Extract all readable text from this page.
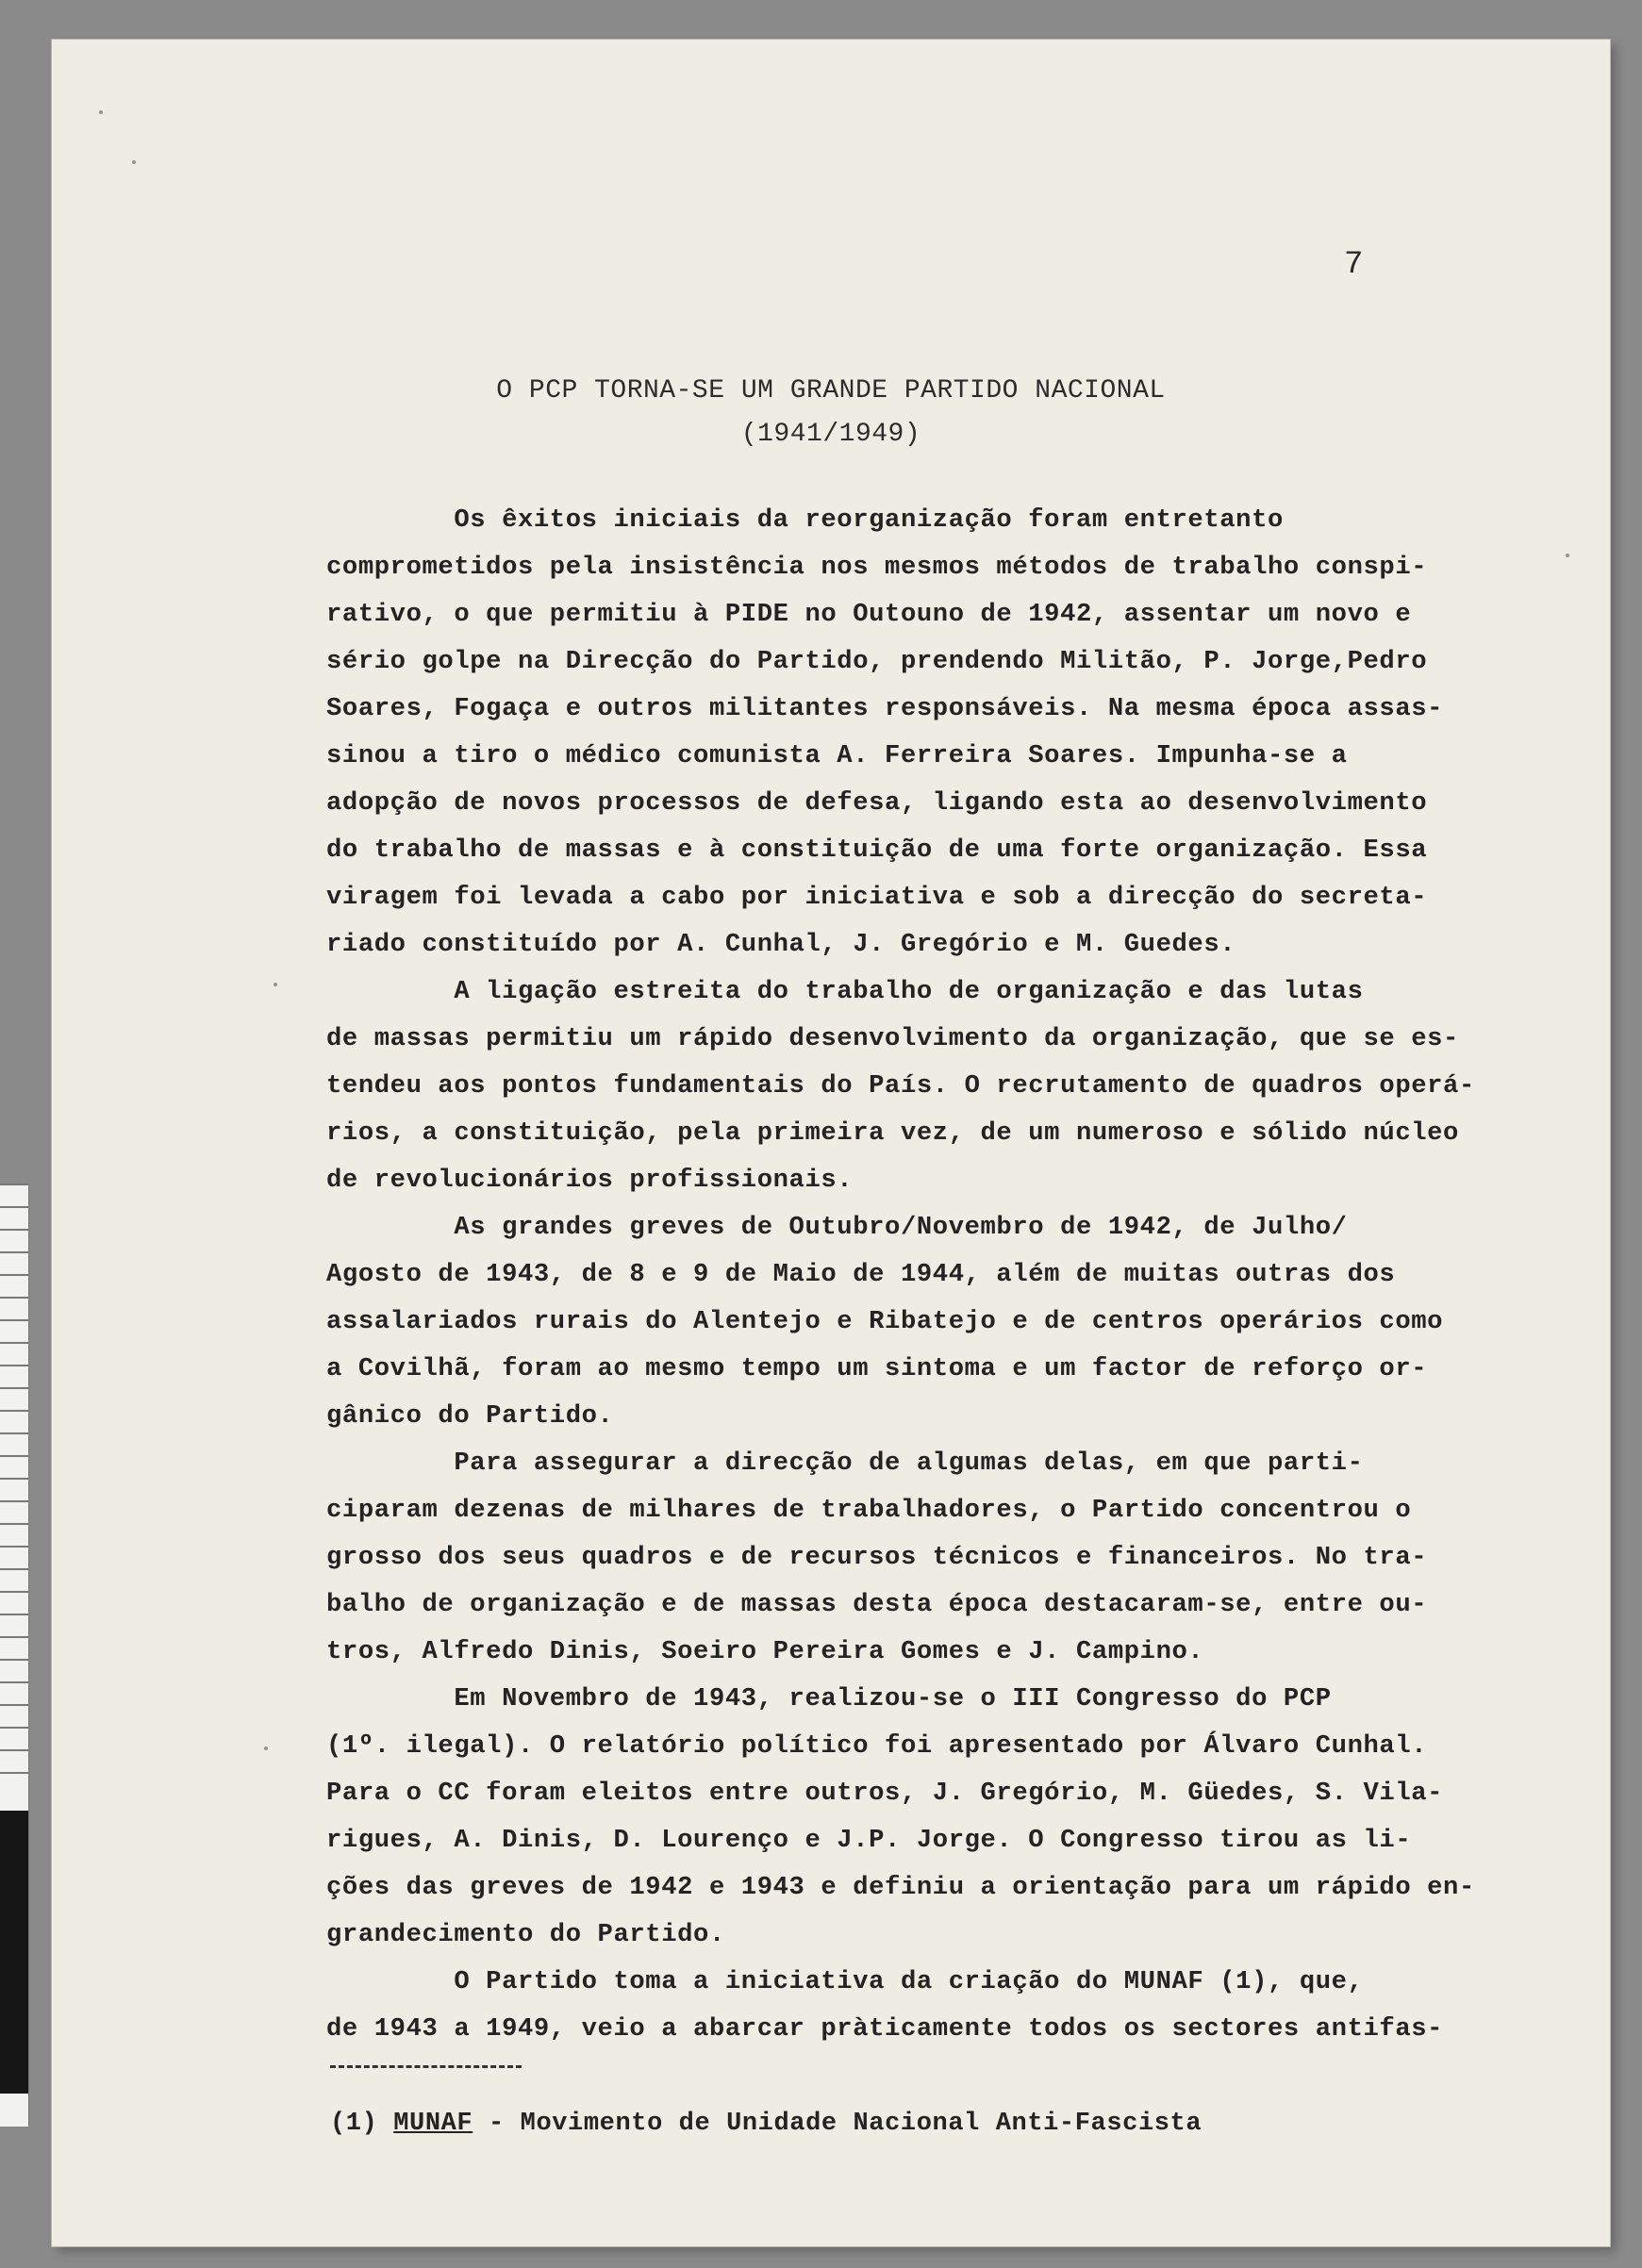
7
O PCP TORNA-SE UM GRANDE PARTIDO NACIONAL
(1941/1949)
Os êxitos iniciais da reorganização foram entretanto
comprometidos pela insistência nos mesmos métodos de trabalho conspi-
rativo, o que permitiu à PIDE no Outouno de 1942, assentar um novo e
sério golpe na Direcção do Partido, prendendo Militão, P. Jorge,Pedro
Soares, Fogaça e outros militantes responsáveis. Na mesma época assas-
sinou a tiro o médico comunista A. Ferreira Soares. Impunha-se a
adopção de novos processos de defesa, ligando esta ao desenvolvimento
do trabalho de massas e à constituição de uma forte organização. Essa
viragem foi levada a cabo por iniciativa e sob a direcção do secreta-
riado constituído por A. Cunhal, J. Gregório e M. Guedes.
A ligação estreita do trabalho de organização e das lutas
de massas permitiu um rápido desenvolvimento da organização, que se es-
tendeu aos pontos fundamentais do País. O recrutamento de quadros operá-
rios, a constituição, pela primeira vez, de um numeroso e sólido núcleo
de revolucionários profissionais.
As grandes greves de Outubro/Novembro de 1942, de Julho/
Agosto de 1943, de 8 e 9 de Maio de 1944, além de muitas outras dos
assalariados rurais do Alentejo e Ribatejo e de centros operários como
a Covilhã, foram ao mesmo tempo um sintoma e um factor de reforço or-
gânico do Partido.
Para assegurar a direcção de algumas delas, em que parti-
ciparam dezenas de milhares de trabalhadores, o Partido concentrou o
grosso dos seus quadros e de recursos técnicos e financeiros. No tra-
balho de organização e de massas desta época destacaram-se, entre ou-
tros, Alfredo Dinis, Soeiro Pereira Gomes e J. Campino.
Em Novembro de 1943, realizou-se o III Congresso do PCP
(1º. ilegal). O relatório político foi apresentado por Álvaro Cunhal.
Para o CC foram eleitos entre outros, J. Gregório, M. Güedes, S. Vila-
rigues, A. Dinis, D. Lourenço e J.P. Jorge. O Congresso tirou as li-
ções das greves de 1942 e 1943 e definiu a orientação para um rápido en-
grandecimento do Partido.
O Partido toma a iniciativa da criação do MUNAF (1), que,
de 1943 a 1949, veio a abarcar pràticamente todos os sectores antifas-
(1) MUNAF - Movimento de Unidade Nacional Anti-Fascista
